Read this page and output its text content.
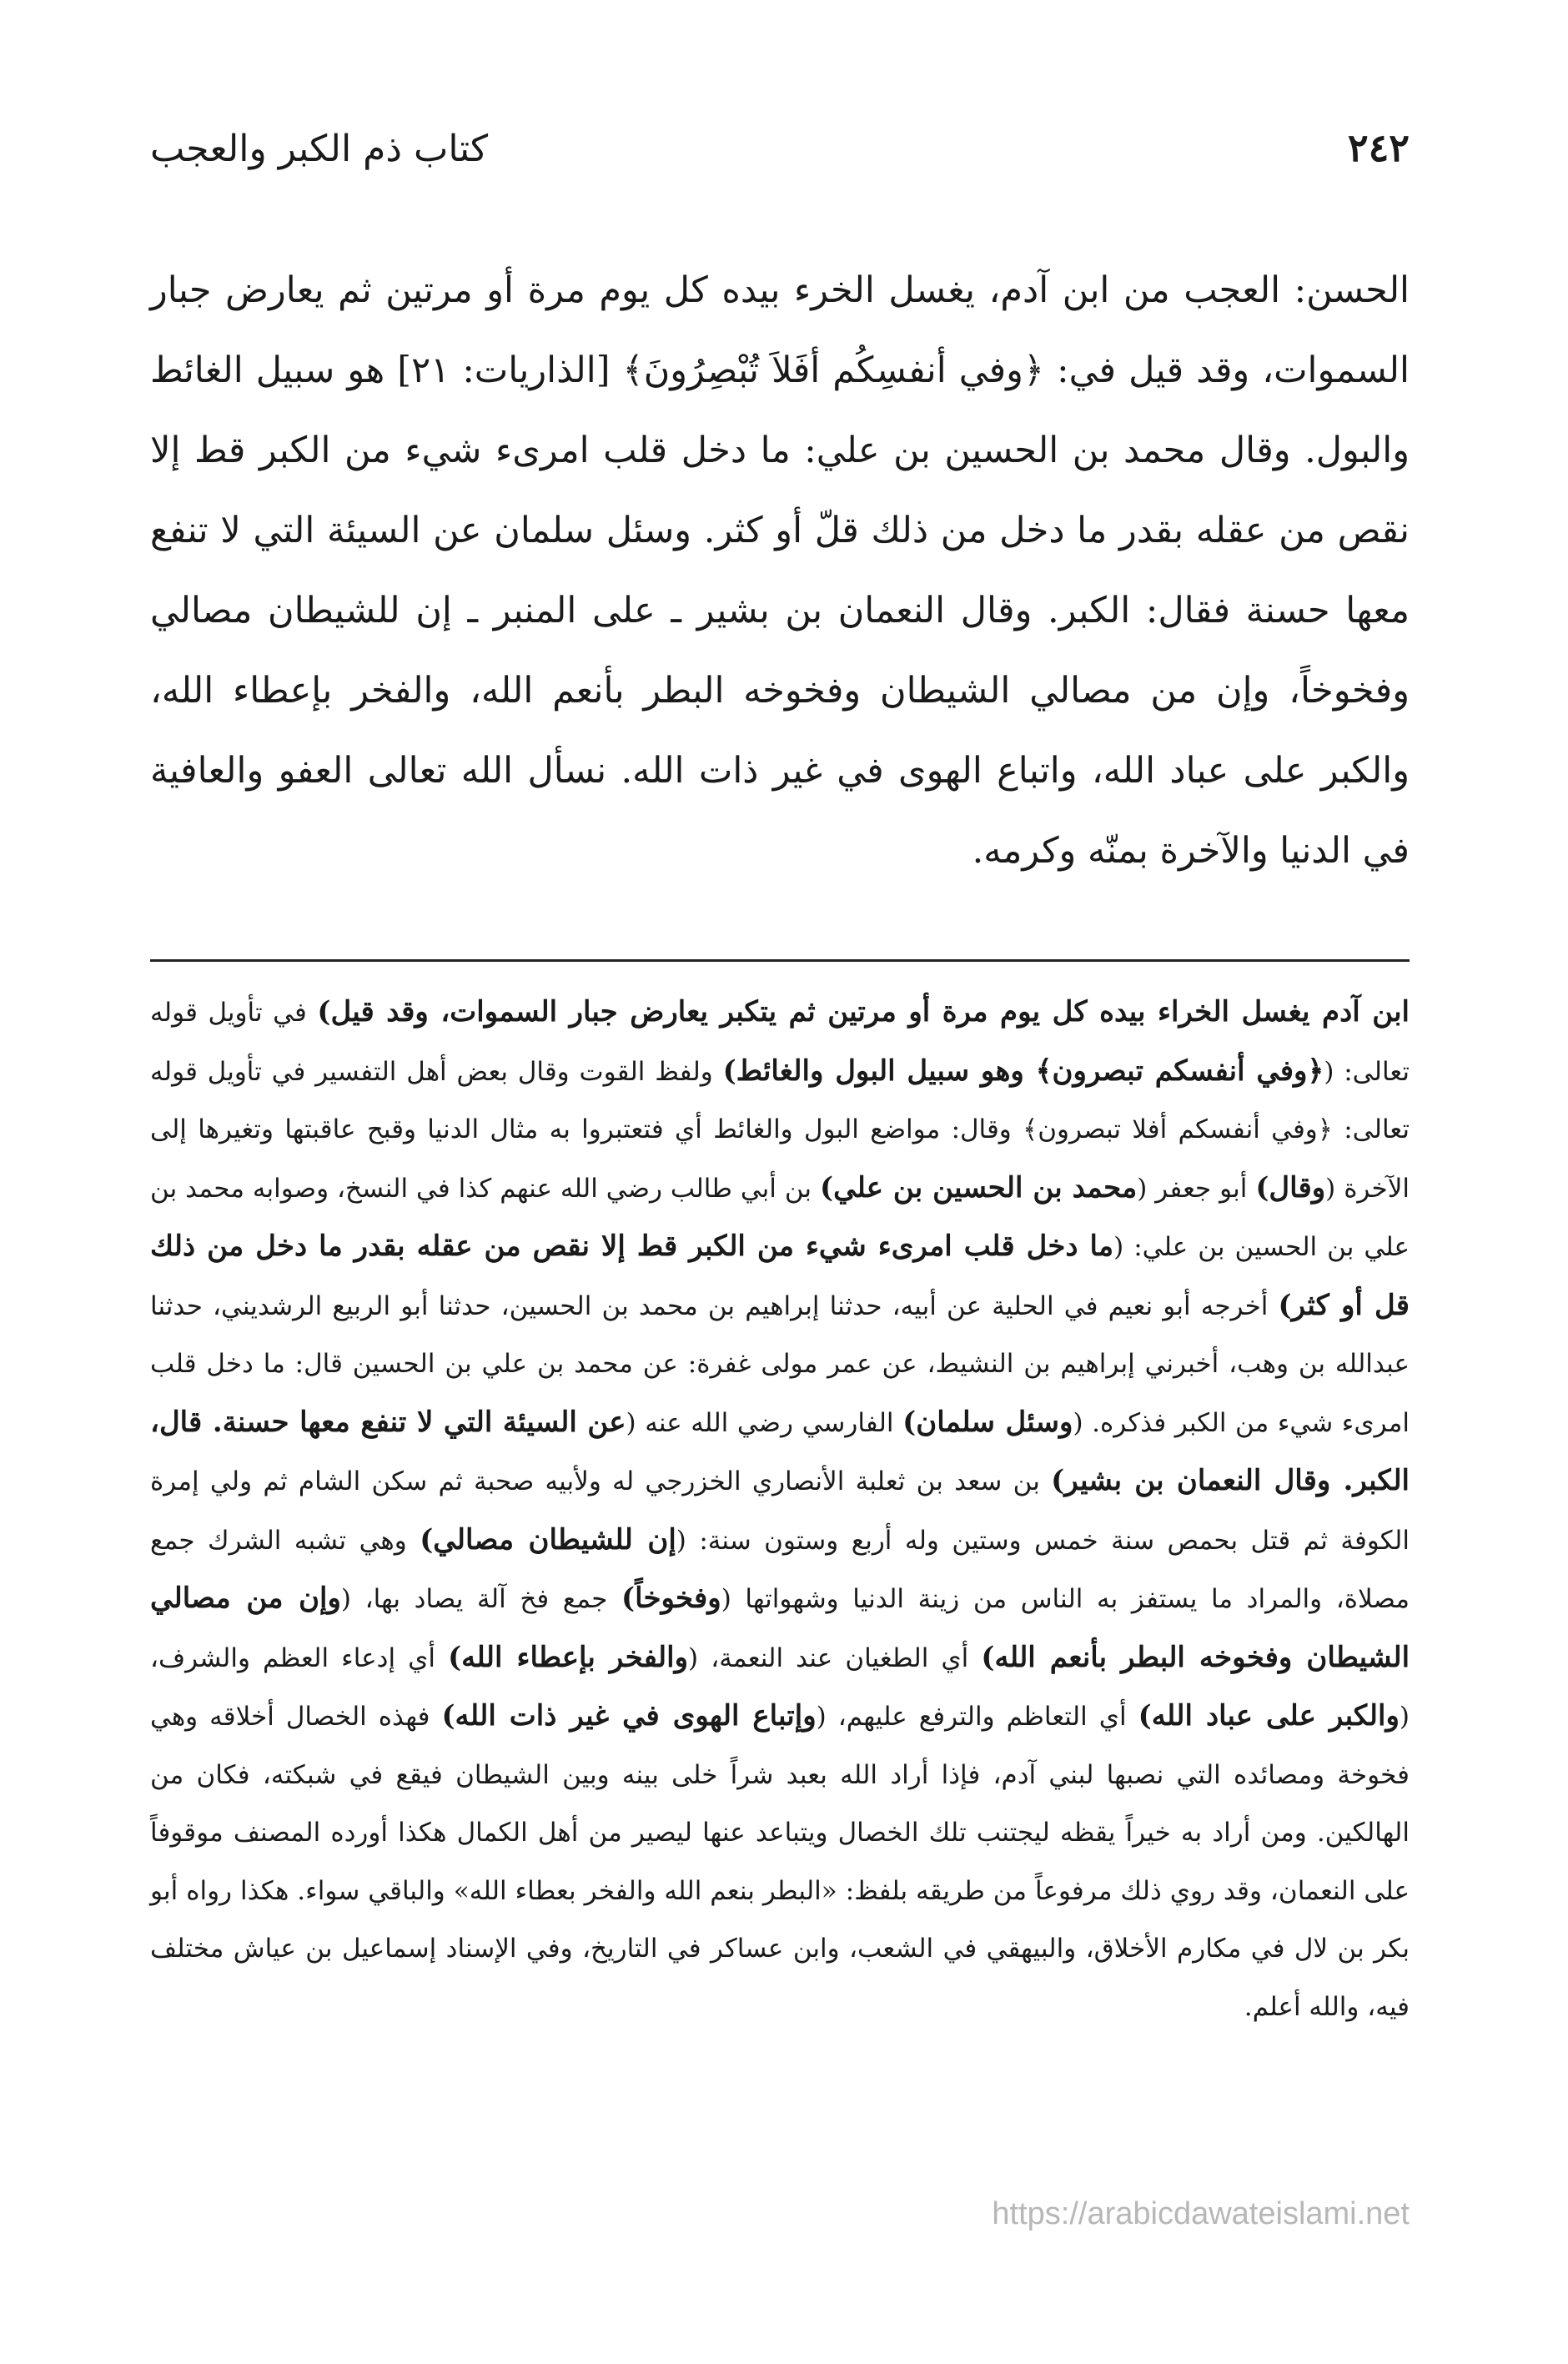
٢٤٢
كتاب ذم الكبر والعجب
الحسن: العجب من ابن آدم، يغسل الخرء بيده كل يوم مرة أو مرتين ثم يعارض جبار السموات، وقد قيل في: ﴿وفي أنفسِكُم أفَلاَ تُبْصِرُونَ﴾ [الذاريات: ٢١] هو سبيل الغائط والبول. وقال محمد بن الحسين بن علي: ما دخل قلب امرىء شيء من الكبر قط إلا نقص من عقله بقدر ما دخل من ذلك قلّ أو كثر. وسئل سلمان عن السيئة التي لا تنفع معها حسنة فقال: الكبر. وقال النعمان بن بشير ـ على المنبر ـ إن للشيطان مصالي وفخوخاً، وإن من مصالي الشيطان وفخوخه البطر بأنعم الله، والفخر بإعطاء الله، والكبر على عباد الله، واتباع الهوى في غير ذات الله. نسأل الله تعالى العفو والعافية في الدنيا والآخرة بمنّه وكرمه.

ابن آدم يغسل الخراء بيده كل يوم مرة أو مرتين ثم يتكبر يعارض جبار السموات، وقد قيل) في تأويل قوله تعالى: (﴿وفي أنفسكم تبصرون﴾ وهو سبيل البول والغائط) ولفظ القوت وقال بعض أهل التفسير في تأويل قوله تعالى: ﴿وفي أنفسكم أفلا تبصرون﴾ وقال: مواضع البول والغائط أي فتعتبروا به مثال الدنيا وقبح عاقبتها وتغيرها إلى الآخرة (وقال) أبو جعفر (محمد بن الحسين بن علي) بن أبي طالب رضي الله عنهم كذا في النسخ، وصوابه محمد بن علي بن الحسين بن علي: (ما دخل قلب امرىء شيء من الكبر قط إلا نقص من عقله بقدر ما دخل من ذلك قل أو كثر) أخرجه أبو نعيم في الحلية عن أبيه، حدثنا إبراهيم بن محمد بن الحسين، حدثنا أبو الربيع الرشديني، حدثنا عبدالله بن وهب، أخبرني إبراهيم بن النشيط، عن عمر مولى غفرة: عن محمد بن علي بن الحسين قال: ما دخل قلب امرىء شيء من الكبر فذكره. (وسئل سلمان) الفارسي رضي الله عنه (عن السيئة التي لا تنفع معها حسنة. قال، الكبر. وقال النعمان بن بشير) بن سعد بن ثعلبة الأنصاري الخزرجي له ولأبيه صحبة ثم سكن الشام ثم ولي إمرة الكوفة ثم قتل بحمص سنة خمس وستين وله أربع وستون سنة: (إن للشيطان مصالي) وهي تشبه الشرك جمع مصلاة، والمراد ما يستفز به الناس من زينة الدنيا وشهواتها (وفخوخاً) جمع فخ آلة يصاد بها، (وإن من مصالي الشيطان وفخوخه البطر بأنعم الله) أي الطغيان عند النعمة، (والفخر بإعطاء الله) أي إدعاء العظم والشرف، (والكبر على عباد الله) أي التعاظم والترفع عليهم، (وإتباع الهوى في غير ذات الله) فهذه الخصال أخلاقه وهي فخوخة ومصائده التي نصبها لبني آدم، فإذا أراد الله بعبد شراً خلى بينه وبين الشيطان فيقع في شبكته، فكان من الهالكين. ومن أراد به خيراً يقظه ليجتنب تلك الخصال ويتباعد عنها ليصير من أهل الكمال هكذا أورده المصنف موقوفاً على النعمان، وقد روي ذلك مرفوعاً من طريقه بلفظ: «البطر بنعم الله والفخر بعطاء الله» والباقي سواء. هكذا رواه أبو بكر بن لال في مكارم الأخلاق، والبيهقي في الشعب، وابن عساكر في التاريخ، وفي الإسناد إسماعيل بن عياش مختلف فيه، والله أعلم.

https://arabicdawateislami.net
